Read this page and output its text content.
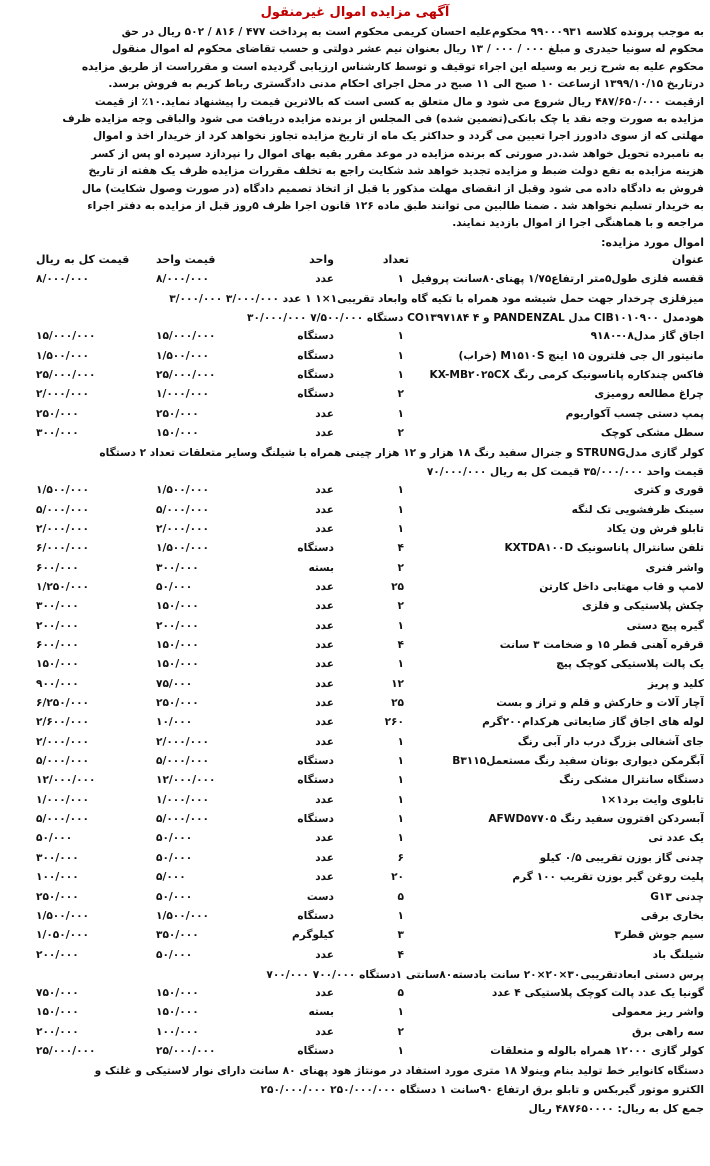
آگهی مزایده اموال غیرمنقول

به موجب پرونده کلاسه ۹۹۰۰۰۹۳۱ محکوم‌علیه احسان کریمی محکوم است به پرداخت ۴۷۷ / ۸۱۶ / ۵۰۲ ریال در حق

محکوم له سونیا حیدری و مبلغ ۰۰۰ / ۰۰۰ / ۱۳ ریال بعنوان نیم عشر دولتی و حسب تقاضای محکوم له اموال منقول

محکوم علیه به شرح زیر به وسیله این اجراء توقیف و توسط کارشناس ارزیابی گردیده است و مقرراست از طریق مزایده

درتاریخ ۱۳۹۹/۱۰/۱۵ ازساعت ۱۰ صبح الی ۱۱ صبح در محل اجرای احکام مدنی دادگستری رباط کریم به فروش برسد.

ازقیمت ۴۸۷/۶۵۰/۰۰۰ ریال شروع می شود و مال متعلق به کسی است که بالاترین قیمت را پیشنهاد نماید.۱۰٪ از قیمت

مزایده به صورت وجه نقد یا چک بانکی(تضمین شده) فی المجلس از برنده مزایده دریافت می شود والباقی وجه مزایده ظرف

مهلتی که از سوی دادورز اجرا تعیین می گردد و حداکثر یک ماه از تاریخ مزایده تجاوز نخواهد کرد از خریدار اخذ و اموال

به نامبرده تحویل خواهد شد.در صورتی که برنده مزایده در موعد مقرر بقیه بهای اموال را نپردازد سپرده او پس از کسر

هزینه مزایده به نفع دولت ضبط و مزایده تجدید خواهد شد شکایت راجع به تخلف مقررات مزایده ظرف یک هفته از تاریخ

فروش به دادگاه داده می شود وقبل از انقضای مهلت مذکور یا قبل از اتخاذ تصمیم دادگاه (در صورت وصول شکایت) مال

به خریدار تسلیم نخواهد شد . ضمنا طالبین می توانند طبق ماده ۱۲۶ قانون اجرا ظرف ۵روز قبل از مزایده به دفتر اجراء

مراجعه و با هماهنگی اجرا از اموال بازدید نمایند.

اموال مورد مزایده:
عنوان
تعداد
واحد
قیمت واحد
قیمت کل به ریال
قفسه فلزی طول۵متر ارتفاع۱/۷۵ پهنای۸۰سانت پروفیل
۱
عدد
۸/۰۰۰/۰۰۰
۸/۰۰۰/۰۰۰
میزفلزی چرخدار جهت حمل شیشه مود همراه با تکیه گاه وابعاد تقریبی۱×۱ ۱ عدد ۳/۰۰۰/۰۰۰ ۳/۰۰۰/۰۰۰
هودمدل CIB۱۰۱۰۹۰۰ مدل PANDENZAL و CO۱۳۹۷۱۸۴ ۴ دستگاه ۷/۵۰۰/۰۰۰ ۳۰/۰۰۰/۰۰۰
اجاق گاز مدل۰۸-۹۱۸۰
۱
دستگاه
۱۵/۰۰۰/۰۰۰
۱۵/۰۰۰/۰۰۰
مانیتور ال جی فلترون ۱۵ اینچ M۱۵۱۰S (خراب)
۱
دستگاه
۱/۵۰۰/۰۰۰
۱/۵۰۰/۰۰۰
فاکس چندکاره پاناسونیک کرمی رنگ KX-MB۲۰۲۵CX
۱
دستگاه
۲۵/۰۰۰/۰۰۰
۲۵/۰۰۰/۰۰۰
چراغ مطالعه رومیزی
۲
دستگاه
۱/۰۰۰/۰۰۰
۲/۰۰۰/۰۰۰
پمپ دستی چسب آکواریوم
۱
عدد
۲۵۰/۰۰۰
۲۵۰/۰۰۰
سطل مشکی کوچک
۲
عدد
۱۵۰/۰۰۰
۳۰۰/۰۰۰
کولر گازی مدلSTRUNG و جنرال سفید رنگ ۱۸ هزار و ۱۲ هزار چینی همراه با شیلنگ وسایر متعلقات تعداد ۲ دستگاه
قیمت واحد ۳۵/۰۰۰/۰۰۰ قیمت کل به ریال ۷۰/۰۰۰/۰۰۰
قوری و کتری
۱
عدد
۱/۵۰۰/۰۰۰
۱/۵۰۰/۰۰۰
سینک ظرفشویی تک لنگه
۱
عدد
۵/۰۰۰/۰۰۰
۵/۰۰۰/۰۰۰
تابلو فرش ون یکاد
۱
عدد
۲/۰۰۰/۰۰۰
۲/۰۰۰/۰۰۰
تلفن سانترال پاناسونیک KXTDA۱۰۰D
۴
دستگاه
۱/۵۰۰/۰۰۰
۶/۰۰۰/۰۰۰
واشر فنری
۲
بسته
۳۰۰/۰۰۰
۶۰۰/۰۰۰
لامپ و قاب مهتابی داخل کارتن
۲۵
عدد
۵۰/۰۰۰
۱/۲۵۰/۰۰۰
چکش پلاستیکی و فلزی
۲
عدد
۱۵۰/۰۰۰
۳۰۰/۰۰۰
گیره پیچ دستی
۱
عدد
۲۰۰/۰۰۰
۲۰۰/۰۰۰
قرقره آهنی قطر ۱۵ و ضخامت ۳ سانت
۴
عدد
۱۵۰/۰۰۰
۶۰۰/۰۰۰
یک پالت پلاستیکی کوچک پیچ
۱
عدد
۱۵۰/۰۰۰
۱۵۰/۰۰۰
کلید و پریز
۱۲
عدد
۷۵/۰۰۰
۹۰۰/۰۰۰
آچار آلات و خارکش و قلم و تراز و بست
۲۵
عدد
۲۵۰/۰۰۰
۶/۲۵۰/۰۰۰
لوله های اجاق گاز ضایعاتی هرکدام۲۰۰گرم
۲۶۰
عدد
۱۰/۰۰۰
۲/۶۰۰/۰۰۰
جای آشغالی بزرگ درب دار آبی رنگ
۱
عدد
۲/۰۰۰/۰۰۰
۲/۰۰۰/۰۰۰
آبگرمکن دیواری بوتان سفید رنگ مستعملB۳۱۱۵
۱
دستگاه
۵/۰۰۰/۰۰۰
۵/۰۰۰/۰۰۰
دستگاه سانترال مشکی رنگ
۱
دستگاه
۱۲/۰۰۰/۰۰۰
۱۲/۰۰۰/۰۰۰
تابلوی وایت برد۱×۱
۱
عدد
۱/۰۰۰/۰۰۰
۱/۰۰۰/۰۰۰
آبسردکن افترون سفید رنگ AFWD۵۷۷۰۵
۱
دستگاه
۵/۰۰۰/۰۰۰
۵/۰۰۰/۰۰۰
یک عدد تی
۱
عدد
۵۰/۰۰۰
۵۰/۰۰۰
چدنی گاز بوزن تقریبی ۰/۵ کیلو
۶
عدد
۵۰/۰۰۰
۳۰۰/۰۰۰
پلیت روغن گیر بوزن تقریب ۱۰۰ گرم
۲۰
عدد
۵/۰۰۰
۱۰۰/۰۰۰
چدنی G۱۳
۵
دست
۵۰/۰۰۰
۲۵۰/۰۰۰
بخاری برقی
۱
دستگاه
۱/۵۰۰/۰۰۰
۱/۵۰۰/۰۰۰
سیم جوش قطر۳
۳
کیلوگرم
۳۵۰/۰۰۰
۱/۰۵۰/۰۰۰
شیلنگ باد
۴
عدد
۵۰/۰۰۰
۲۰۰/۰۰۰
پرس دستی ابعادتقریبی۳۰×۲۰×۲۰ سانت بادسته۸۰سانتی ۱دستگاه ۷۰۰/۰۰۰ ۷۰۰/۰۰۰
گونیا یک عدد پالت کوچک پلاستیکی ۴ عدد
۵
عدد
۱۵۰/۰۰۰
۷۵۰/۰۰۰
واشر ریز معمولی
۱
بسته
۱۵۰/۰۰۰
۱۵۰/۰۰۰
سه راهی برق
۲
عدد
۱۰۰/۰۰۰
۲۰۰/۰۰۰
کولر گازی ۱۲۰۰۰ همراه بالوله و متعلقات
۱
دستگاه
۲۵/۰۰۰/۰۰۰
۲۵/۰۰۰/۰۰۰
دستگاه کانوایر خط تولید بنام وینولا ۱۸ متری مورد استفاد در مونتاژ هود پهنای ۸۰ سانت دارای نوار لاستیکی و غلتک و
الکترو موتور گیربکس و تابلو برق ارتفاع ۹۰سانت ۱ دستگاه ۲۵۰/۰۰۰/۰۰۰ ۲۵۰/۰۰۰/۰۰۰
جمع کل به ریال: ۴۸۷۶۵۰۰۰۰ ریال
